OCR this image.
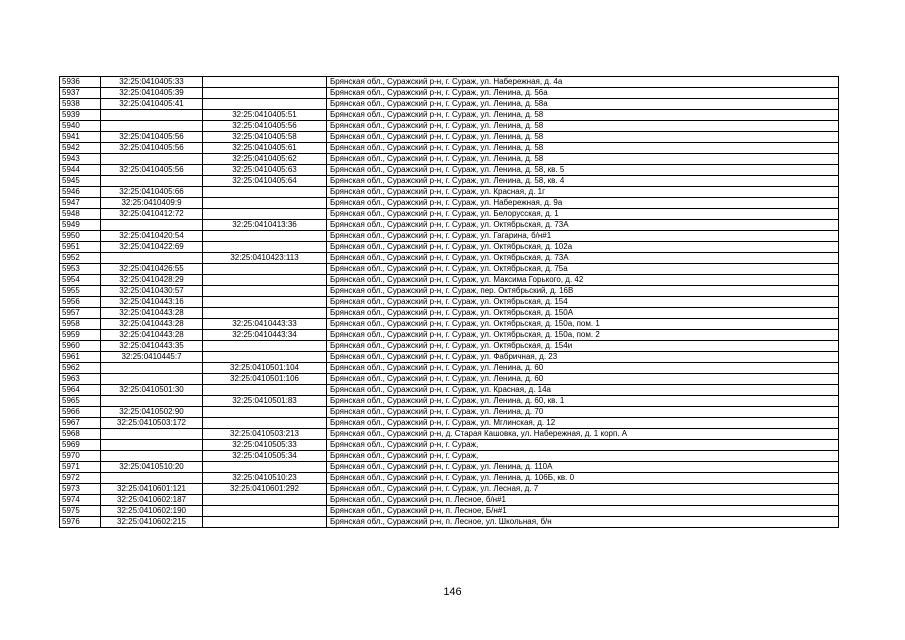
5936	32:25:0410405:33		Брянская обл., Суражский р-н, г. Сураж, ул. Набережная, д. 4а
5937	32:25:0410405:39		Брянская обл., Суражский р-н, г. Сураж, ул. Ленина, д. 56а
5938	32:25:0410405:41		Брянская обл., Суражский р-н, г. Сураж, ул. Ленина, д. 58а
5939		32:25:0410405:51	Брянская обл., Суражский р-н, г. Сураж, ул. Ленина, д. 58
5940		32:25:0410405:56	Брянская обл., Суражский р-н, г. Сураж, ул. Ленина, д. 58
5941	32:25:0410405:56	32:25:0410405:58	Брянская обл., Суражский р-н, г. Сураж, ул. Ленина, д. 58
5942	32:25:0410405:56	32:25:0410405:61	Брянская обл., Суражский р-н, г. Сураж, ул. Ленина, д. 58
5943		32:25:0410405:62	Брянская обл., Суражский р-н, г. Сураж, ул. Ленина, д. 58
5944	32:25:0410405:56	32:25:0410405:63	Брянская обл., Суражский р-н, г. Сураж, ул. Ленина, д. 58, кв. 5
5945		32:25:0410405:64	Брянская обл., Суражский р-н, г. Сураж, ул. Ленина, д. 58, кв. 4
5946	32:25:0410405:66		Брянская обл., Суражский р-н, г. Сураж, ул. Красная, д. 1г
5947	32:25:0410409:9		Брянская обл., Суражский р-н, г. Сураж, ул. Набережная, д. 9а
5948	32:25:0410412:72		Брянская обл., Суражский р-н, г. Сураж, ул. Белорусская, д. 1
5949		32:25:0410413:36	Брянская обл., Суражский р-н, г. Сураж, ул. Октябрьская, д. 73А
5950	32:25:0410420:54		Брянская обл., Суражский р-н, г. Сураж, ул. Гагарина, б/н#1
5951	32:25:0410422:69		Брянская обл., Суражский р-н, г. Сураж, ул. Октябрьская, д. 102а
5952		32:25:0410423:113	Брянская обл., Суражский р-н, г. Сураж, ул. Октябрьская, д. 73А
5953	32:25:0410426:55		Брянская обл., Суражский р-н, г. Сураж, ул. Октябрьская, д. 75а
5954	32:25:0410428:29		Брянская обл., Суражский р-н, г. Сураж, ул. Максима Горького, д. 42
5955	32:25:0410430:57		Брянская обл., Суражский р-н, г. Сураж, пер. Октябрьский, д. 16В
5956	32:25:0410443:16		Брянская обл., Суражский р-н, г. Сураж, ул. Октябрьская, д. 154
5957	32:25:0410443:28		Брянская обл., Суражский р-н, г. Сураж, ул. Октябрьская, д. 150А
5958	32:25:0410443:28	32:25:0410443:33	Брянская обл., Суражский р-н, г. Сураж, ул. Октябрьская, д. 150а, пом. 1
5959	32:25:0410443:28	32:25:0410443:34	Брянская обл., Суражский р-н, г. Сураж, ул. Октябрьская, д. 150а, пом. 2
5960	32:25:0410443:35		Брянская обл., Суражский р-н, г. Сураж, ул. Октябрьская, д. 154и
5961	32:25:0410445:7		Брянская обл., Суражский р-н, г. Сураж, ул. Фабричная, д. 23
5962		32:25:0410501:104	Брянская обл., Суражский р-н, г. Сураж, ул. Ленина, д. 60
5963		32:25:0410501:106	Брянская обл., Суражский р-н, г. Сураж, ул. Ленина, д. 60
5964	32:25:0410501:30		Брянская обл., Суражский р-н, г. Сураж, ул. Красная, д. 14а
5965		32:25:0410501:83	Брянская обл., Суражский р-н, г. Сураж, ул. Ленина, д. 60, кв. 1
5966	32:25:0410502:90		Брянская обл., Суражский р-н, г. Сураж, ул. Ленина, д. 70
5967	32:25:0410503:172		Брянская обл., Суражский р-н, г. Сураж, ул. Мглинская, д. 12
5968		32:25:0410503:213	Брянская обл., Суражский р-н, д. Старая Кашовка, ул. Набережная, д. 1 корп. А
5969		32:25:0410505:33	Брянская обл., Суражский р-н, г. Сураж,
5970		32:25:0410505:34	Брянская обл., Суражский р-н, г. Сураж,
5971	32:25:0410510:20		Брянская обл., Суражский р-н, г. Сураж, ул. Ленина, д. 110А
5972		32:25:0410510:23	Брянская обл., Суражский р-н, г. Сураж, ул. Ленина, д. 106Б, кв. 0
5973	32:25:0410601:121	32:25:0410601:292	Брянская обл., Суражский р-н, г. Сураж, ул. Лесная, д. 7
5974	32:25:0410602:187		Брянская обл., Суражский р-н, п. Лесное, б/н#1
5975	32:25:0410602:190		Брянская обл., Суражский р-н, п. Лесное, Б/н#1
5976	32:25:0410602:215		Брянская обл., Суражский р-н, п. Лесное, ул. Школьная, б/н
146
